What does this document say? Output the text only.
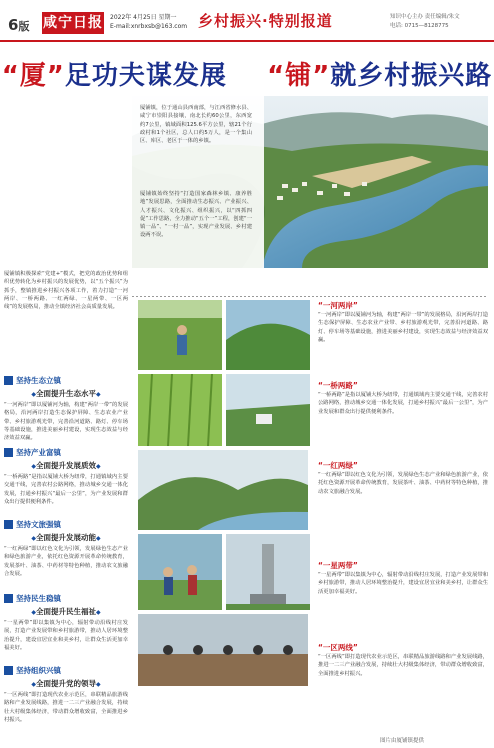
6版 咸宁日报 2022年 4月25日 星期一
E-mail:xnrbxsb@163.com 乡村振兴·特别报道	知识中心主办 责任编辑/朱文
电话: 0715—8128775
“厦”足功夫谋发展 “铺”就乡村振兴路
厦铺镇，位于通山县西南部，与江西省修水县、咸宁市崇阳县接壤，南北长约60公里，东西宽约7公里，镇域面积125.6平方公里，辖21个行政村和1个社区，总人口约5万人，是一个集山区、库区、老区于一体的乡镇。
厦铺镇始终坚持“打造国家森林乡镇、康养胜地”发展思路，全面推动生态振兴、产业振兴、人才振兴、文化振兴、组织振兴，以“四抓四促”工作思路，全力推动“五个一”工程，创建“一镇一品”、“一村一品”，实现产业发展、乡村建设两不误。
厦铺镇积极探索“党建+”模式，把党的政治优势和组织优势转化为乡村振兴的发展优势，以“五个振兴”为抓手，整镇推进乡村振兴各项工作，着力打造“一河两岸、一桥两路、一红两绿、一星两带、一区两线”的发展格局，推动全镇经济社会高质量发展。
坚持生态立镇
◆全面提升生态水平◆
“一河两岸”即以厦铺河为轴，构建“两岸一带”的发展格局，沿河两岸打造生态保护屏障、生态农业产业带、乡村旅游观光带，完善沿河道路、路灯、停车场等基础设施，推进美丽乡村建设，实现生态效益与经济效益双赢。
坚持产业富镇
◆全面提升发展质效◆
“一桥两路”是指以厦铺大桥为纽带，打通镇域内主要交通干线，完善农村公路网络，推动城乡交通一体化发展，打通乡村振兴“最后一公里”，为产业发展和群众出行提供便利条件。
坚持文旅强镇
◆全面提升发展动能◆
“一红两绿”即以红色文化为引领，发展绿色生态产业和绿色旅游产业，依托红色资源开展革命传统教育，发展茶叶、油茶、中药材等特色种植，推动农文旅融合发展。
坚持民生稳镇
◆全面提升民生福祉◆
“一星两带”即以集镇为中心，辐射带动沿线村庄发展，打造产业发展带和乡村旅游带，推动人居环境整治提升，建设宜居宜业和美乡村，让群众生活更加幸福美好。
坚持组织兴镇
◆全面提升党的领导◆
“一区两线”即打造现代农业示范区，串联精品旅游线路和产业发展线路，推进一二三产业融合发展，持续壮大村级集体经济，带动群众增收致富，全面推进乡村振兴。
“一河两岸”
“一河两岸”即以厦铺河为轴，构建“两岸一带”的发展格局，沿河两岸打造生态保护屏障、生态农业产业带、乡村旅游观光带，完善沿河道路、路灯、停车场等基础设施，推进美丽乡村建设，实现生态效益与经济效益双赢。
“一桥两路”
“一桥两路”是指以厦铺大桥为纽带，打通镇域内主要交通干线，完善农村公路网络，推动城乡交通一体化发展，打通乡村振兴“最后一公里”，为产业发展和群众出行提供便利条件。
“一红两绿”
“一红两绿”即以红色文化为引领，发展绿色生态产业和绿色旅游产业，依托红色资源开展革命传统教育，发展茶叶、油茶、中药材等特色种植，推动农文旅融合发展。
“一星两带”
“一星两带”即以集镇为中心，辐射带动沿线村庄发展，打造产业发展带和乡村旅游带，推动人居环境整治提升，建设宜居宜业和美乡村，让群众生活更加幸福美好。
“一区两线”
“一区两线”即打造现代农业示范区，串联精品旅游线路和产业发展线路，推进一二三产业融合发展，持续壮大村级集体经济，带动群众增收致富，全面推进乡村振兴。
图片由厦铺镇提供
